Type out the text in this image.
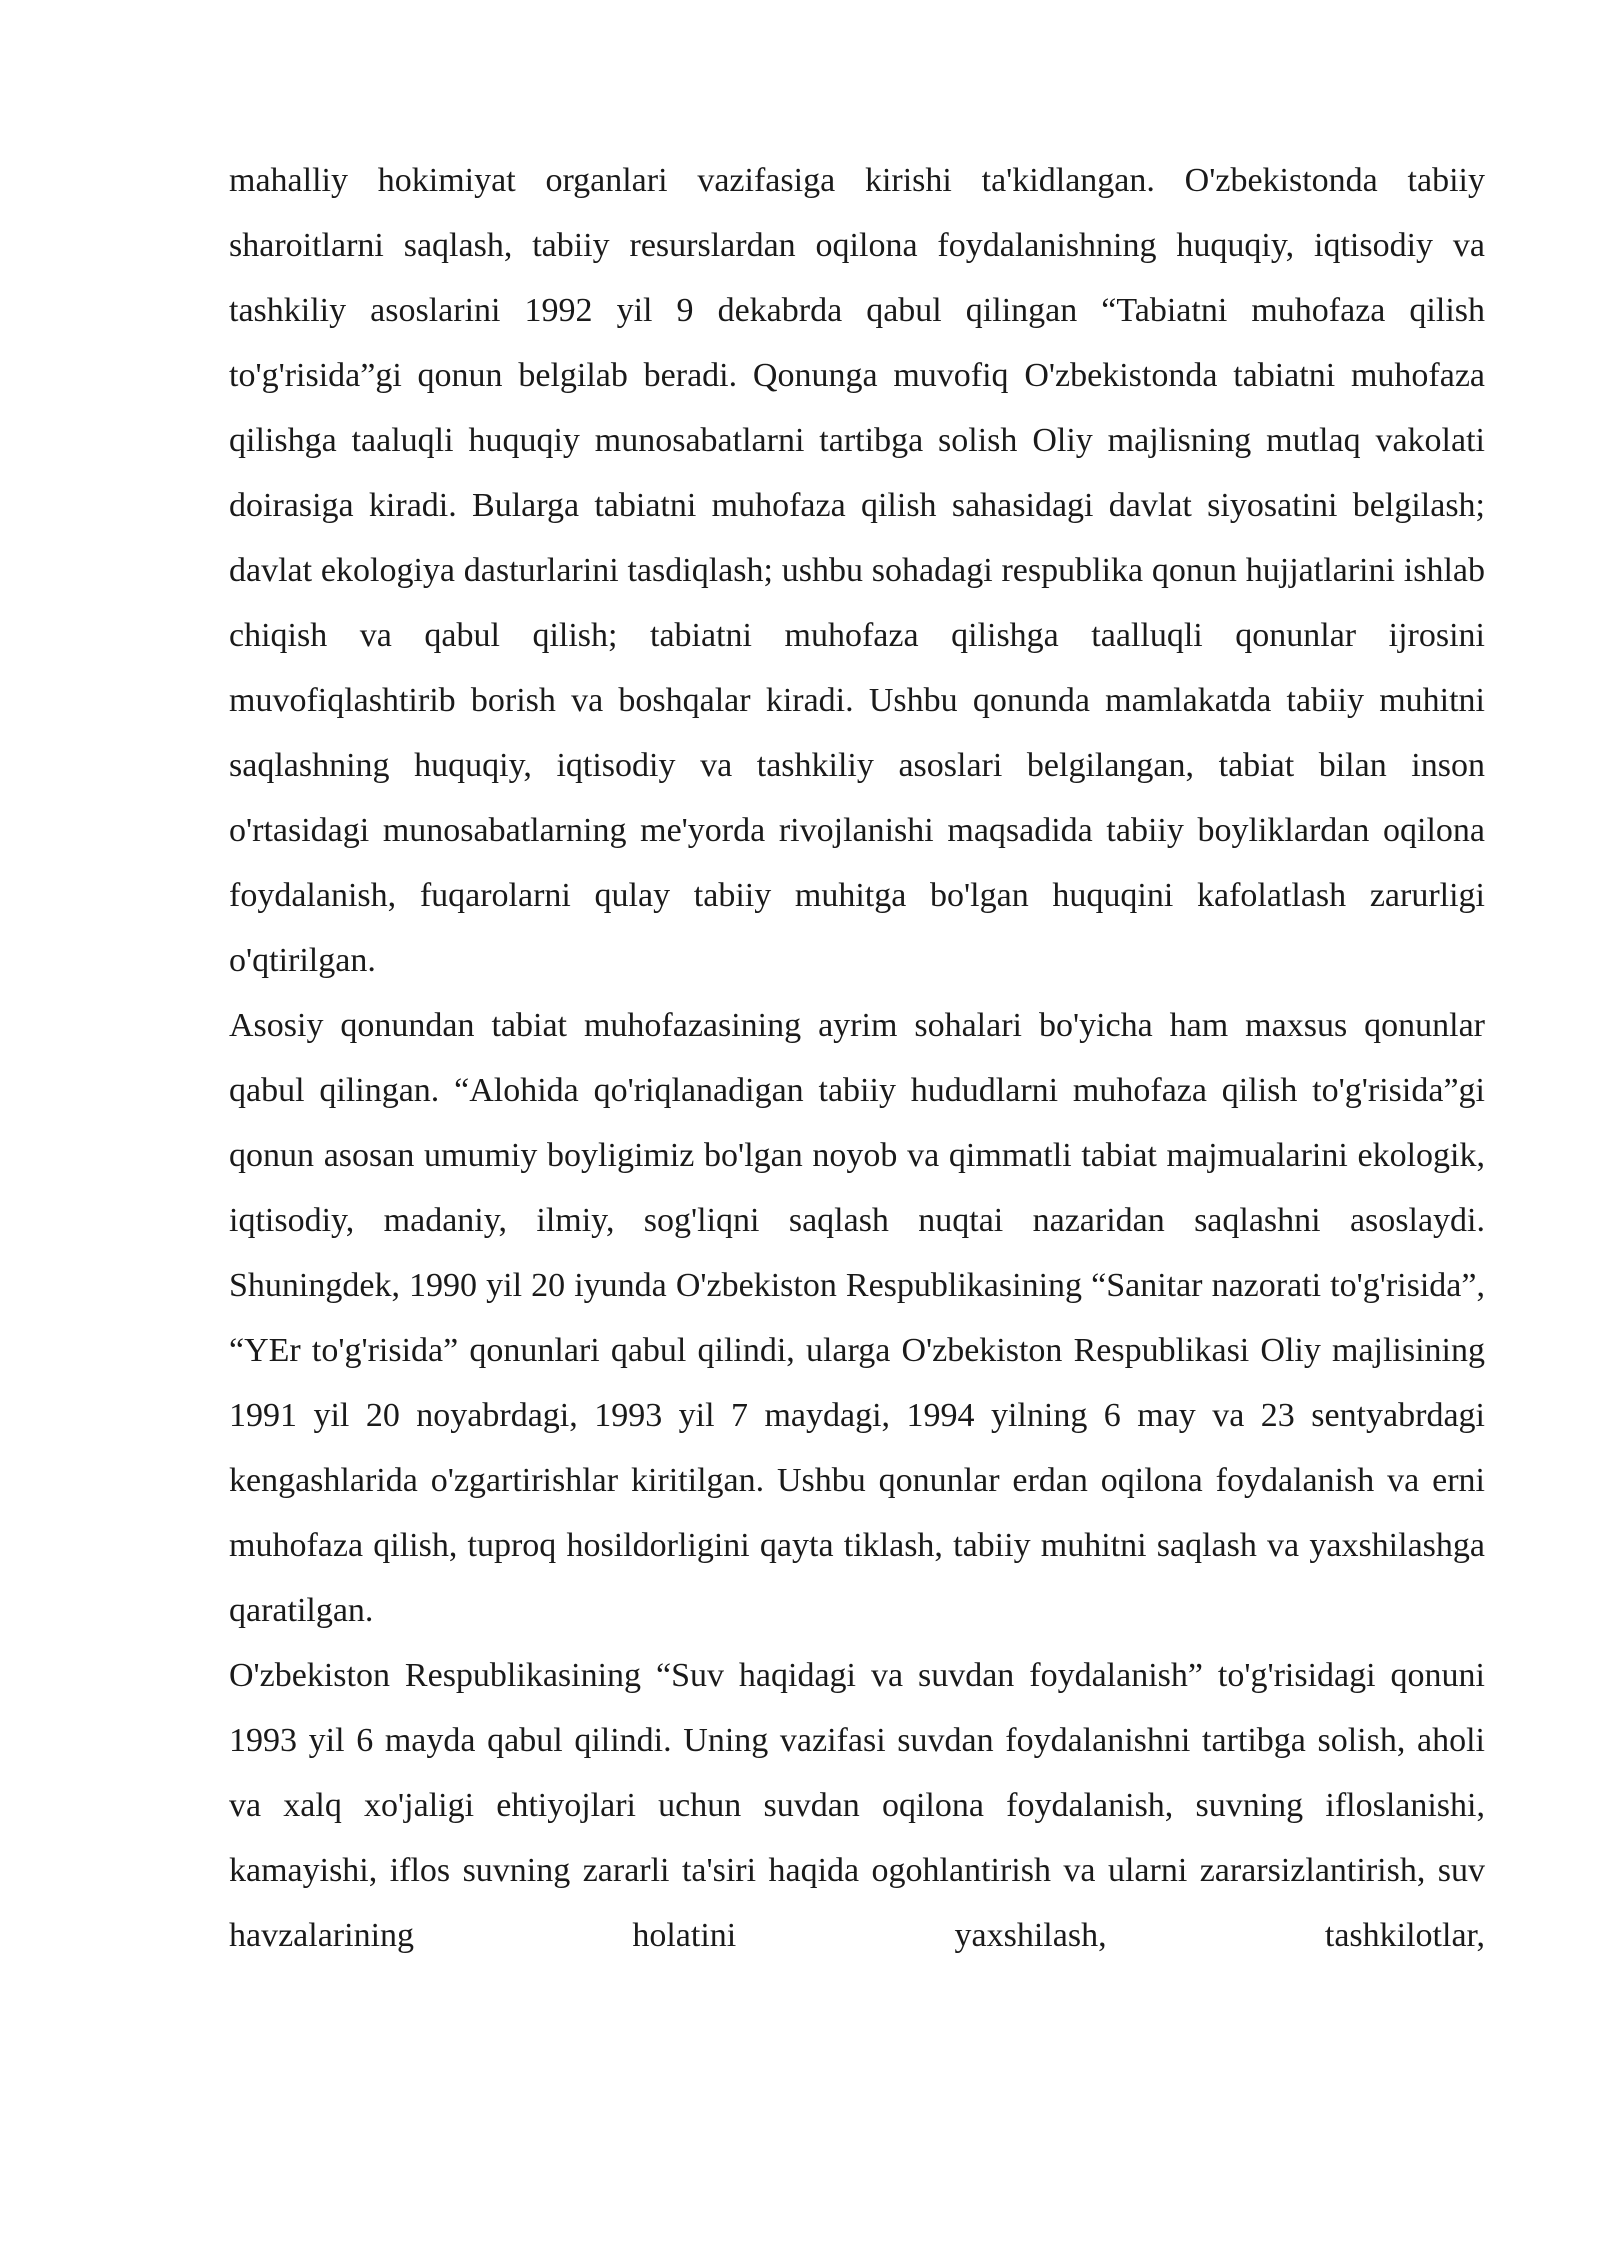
mahalliy hokimiyat organlari vazifasiga kirishi ta'kidlangan. O'zbekistonda tabiiy sharoitlarni saqlash, tabiiy resurslardan oqilona foydalanishning huquqiy, iqtisodiy va tashkiliy asoslarini 1992 yil 9 dekabrda qabul qilingan “Tabiatni muhofaza qilish to'g'risida”gi qonun belgilab beradi. Qonunga muvofiq O'zbekistonda tabiatni muhofaza qilishga taaluqli huquqiy munosabatlarni tartibga solish Oliy majlisning mutlaq vakolati doirasiga kiradi. Bularga tabiatni muhofaza qilish sahasidagi davlat siyosatini belgilash; davlat ekologiya dasturlarini tasdiqlash; ushbu sohadagi respublika qonun hujjatlarini ishlab chiqish va qabul qilish; tabiatni muhofaza qilishga taalluqli qonunlar ijrosini muvofiqlashtirib borish va boshqalar kiradi. Ushbu qonunda mamlakatda tabiiy muhitni saqlashning huquqiy, iqtisodiy va tashkiliy asoslari belgilangan, tabiat bilan inson o'rtasidagi munosabatlarning me'yorda rivojlanishi maqsadida tabiiy boyliklardan oqilona foydalanish, fuqarolarni qulay tabiiy muhitga bo'lgan huquqini kafolatlash zarurligi o'qtirilgan.

Asosiy qonundan tabiat muhofazasining ayrim sohalari bo'yicha ham maxsus qonunlar qabul qilingan. “Alohida qo'riqlanadigan tabiiy hududlarni muhofaza qilish to'g'risida”gi qonun asosan umumiy boyligimiz bo'lgan noyob va qimmatli tabiat majmualarini ekologik, iqtisodiy, madaniy, ilmiy, sog'liqni saqlash nuqtai nazaridan saqlashni asoslaydi. Shuningdek, 1990 yil 20 iyunda O'zbekiston Respublikasining “Sanitar nazorati to'g'risida”, “YEr to'g'risida” qonunlari qabul qilindi, ularga O'zbekiston Respublikasi Oliy majlisining 1991 yil 20 noyabrdagi, 1993 yil 7 maydagi, 1994 yilning 6 may va 23 sentyabrdagi kengashlarida o'zgartirishlar kiritilgan. Ushbu qonunlar erdan oqilona foydalanish va erni muhofaza qilish, tuproq hosildorligini qayta tiklash, tabiiy muhitni saqlash va yaxshilashga qaratilgan.

O'zbekiston Respublikasining “Suv haqidagi va suvdan foydalanish” to'g'risidagi qonuni 1993 yil 6 mayda qabul qilindi. Uning vazifasi suvdan foydalanishni tartibga solish, aholi va xalq xo'jaligi ehtiyojlari uchun suvdan oqilona foydalanish, suvning ifloslanishi, kamayishi, iflos suvning zararli ta'siri haqida ogohlantirish va ularni zararsizlantirish, suv havzalarining holatini yaxshilash, tashkilotlar,
